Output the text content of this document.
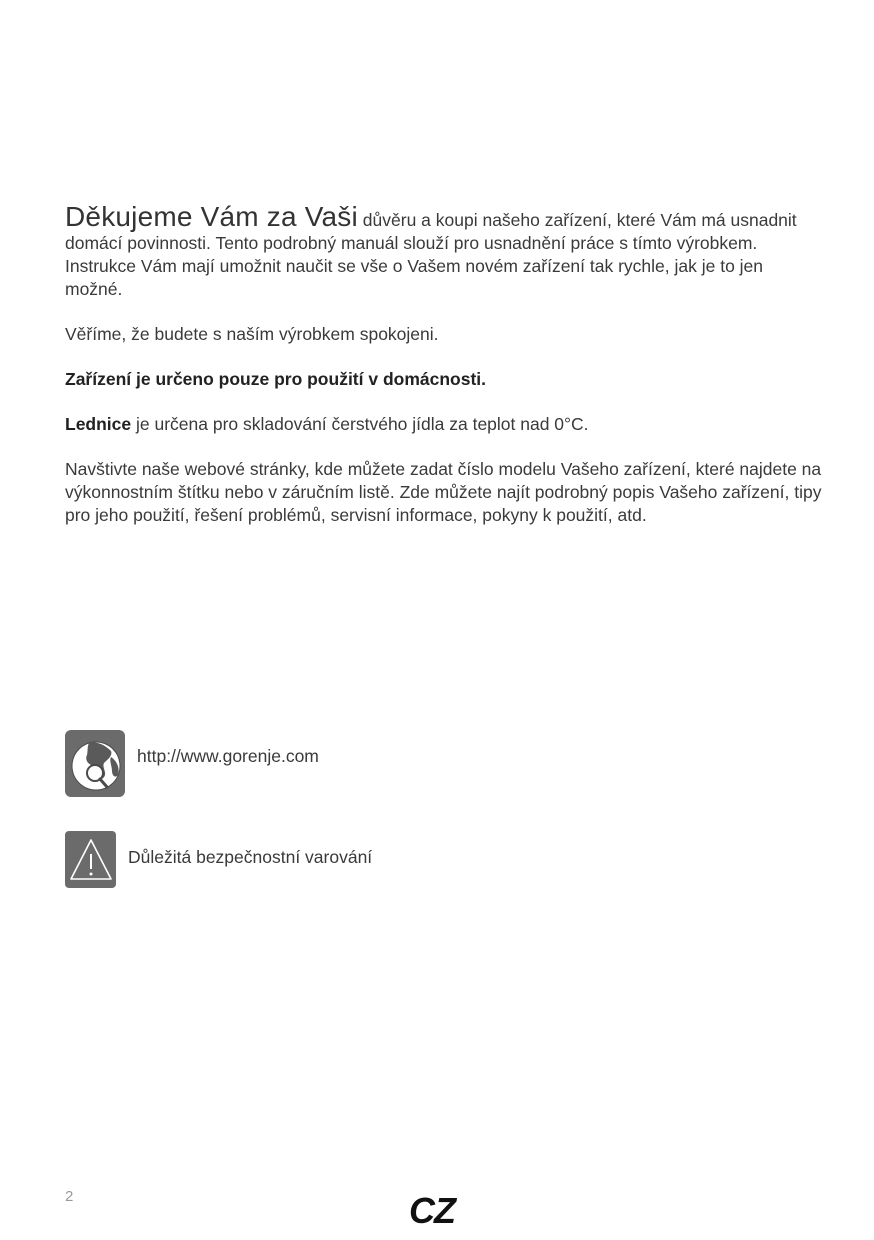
Děkujeme Vám za Vaši důvěru a koupi našeho zařízení, které Vám má usnadnit domácí povinnosti. Tento podrobný manuál slouží pro usnadnění práce s tímto výrobkem. Instrukce Vám mají umožnit naučit se vše o Vašem novém zařízení tak rychle, jak je to jen možné.

Věříme, že budete s naším výrobkem spokojeni.

Zařízení je určeno pouze pro použití v domácnosti.

Lednice je určena pro skladování čerstvého jídla za teplot nad 0°C.

Navštivte naše webové stránky, kde můžete zadat číslo modelu Vašeho zařízení, které najdete na výkonnostním štítku nebo v záručním listě. Zde můžete najít podrobný popis Vašeho zařízení, tipy pro jeho použití, řešení problémů, servisní informace, pokyny k použití, atd.

http://www.gorenje.com
Důležitá bezpečnostní varování
2	CZ
